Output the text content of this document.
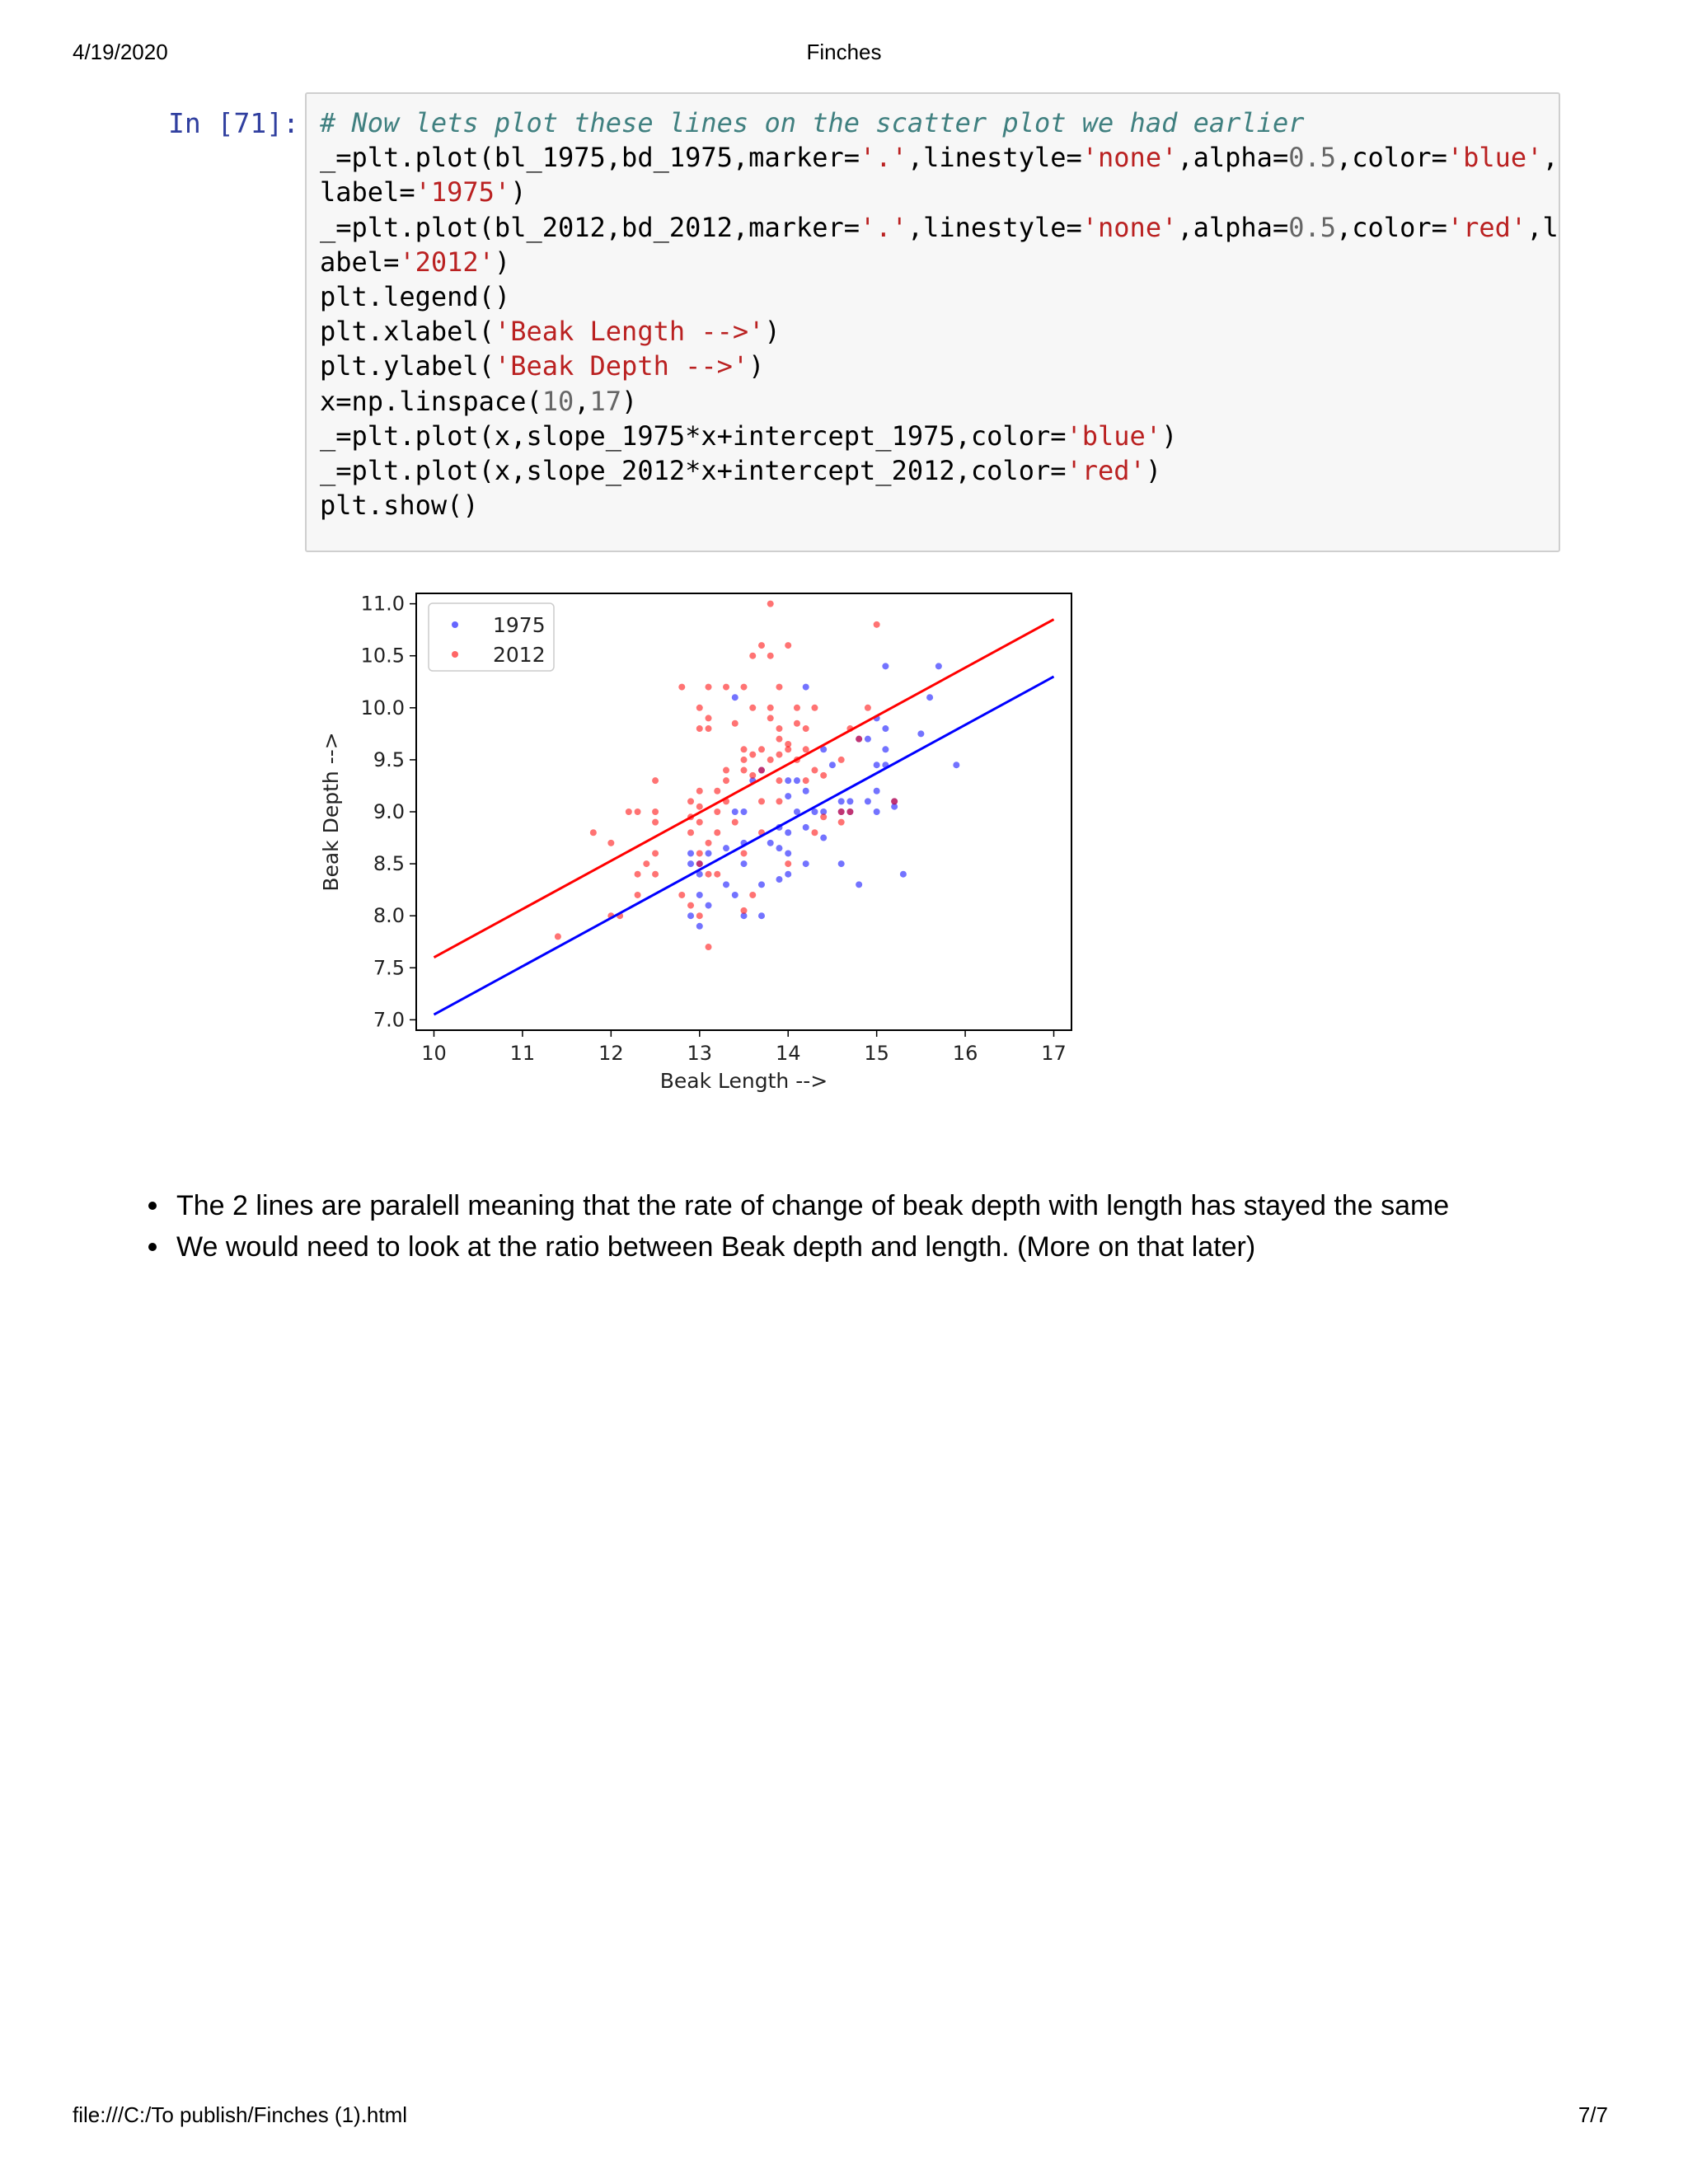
4/19/2020	Finches
In [71]: # Now lets plot these lines on the scatter plot we had earlier
_=plt.plot(bl_1975,bd_1975,marker='.',linestyle='none',alpha=0.5,color='blue',
label='1975')
_=plt.plot(bl_2012,bd_2012,marker='.',linestyle='none',alpha=0.5,color='red',l
abel='2012')
plt.legend()
plt.xlabel('Beak Length -->')
plt.ylabel('Beak Depth -->')
x=np.linspace(10,17)
_=plt.plot(x,slope_1975*x+intercept_1975,color='blue')
_=plt.plot(x,slope_2012*x+intercept_2012,color='red')
plt.show()
10	11	12	13	14	15	16	17
7.0
7.5
8.0
8.5
9.0
9.5
10.0
10.5
11.0
Beak Length -->
Beak Depth -->
1975
2012
The 2 lines are paralell meaning that the rate of change of beak depth with length has stayed the same
We would need to look at the ratio between Beak depth and length. (More on that later)
file:///C:/To publish/Finches (1).html	7/7
